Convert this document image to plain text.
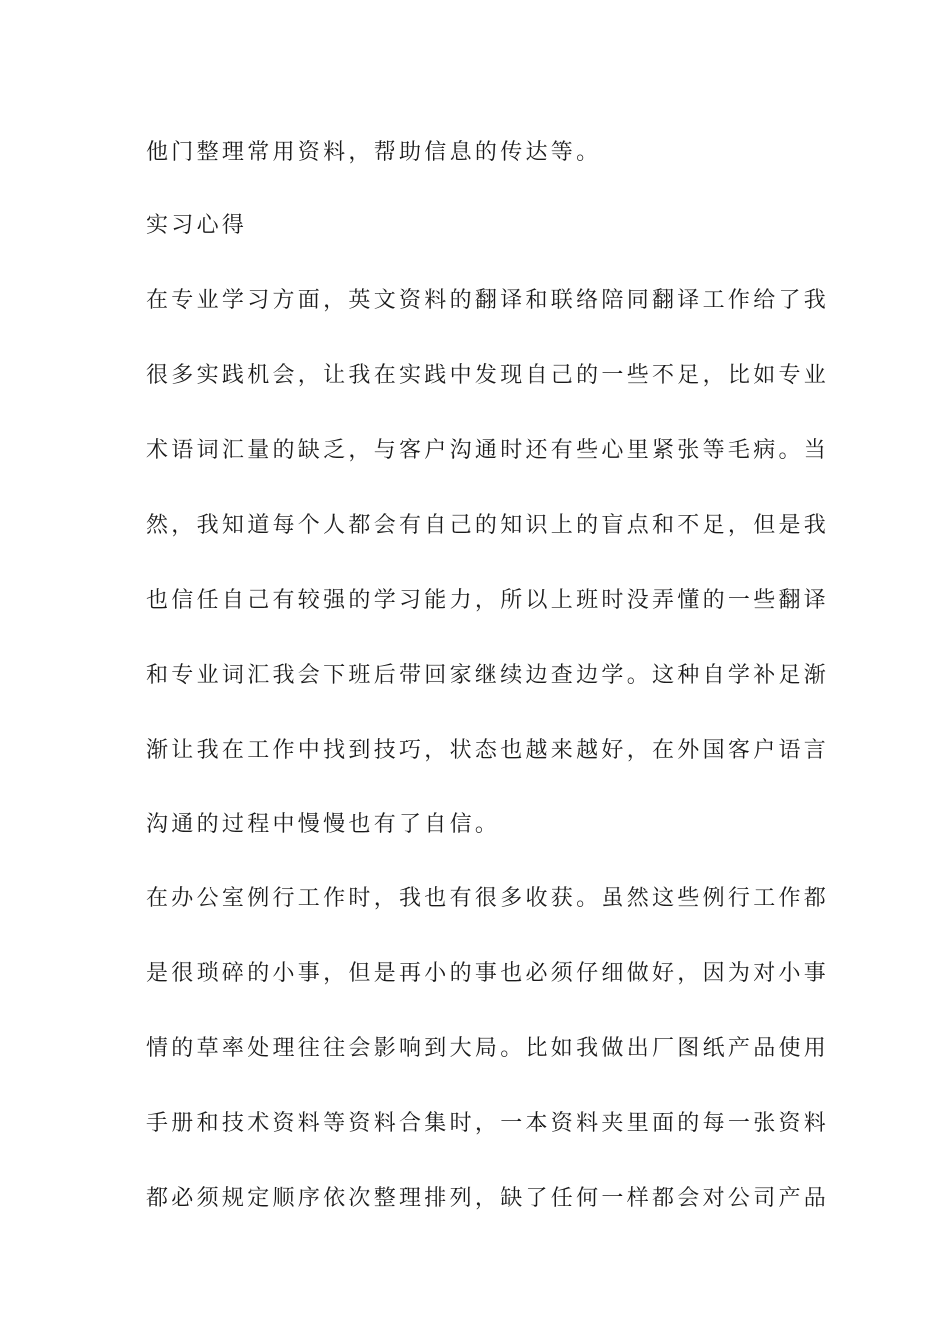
他门整理常用资料，帮助信息的传达等。
实习心得
在专业学习方面，英文资料的翻译和联络陪同翻译工作给了我
很多实践机会，让我在实践中发现自己的一些不足，比如专业
术语词汇量的缺乏，与客户沟通时还有些心里紧张等毛病。当
然，我知道每个人都会有自己的知识上的盲点和不足，但是我
也信任自己有较强的学习能力，所以上班时没弄懂的一些翻译
和专业词汇我会下班后带回家继续边查边学。这种自学补足渐
渐让我在工作中找到技巧，状态也越来越好，在外国客户语言
沟通的过程中慢慢也有了自信。
在办公室例行工作时，我也有很多收获。虽然这些例行工作都
是很琐碎的小事，但是再小的事也必须仔细做好，因为对小事
情的草率处理往往会影响到大局。比如我做出厂图纸产品使用
手册和技术资料等资料合集时，一本资料夹里面的每一张资料
都必须规定顺序依次整理排列，缺了任何一样都会对公司产品
